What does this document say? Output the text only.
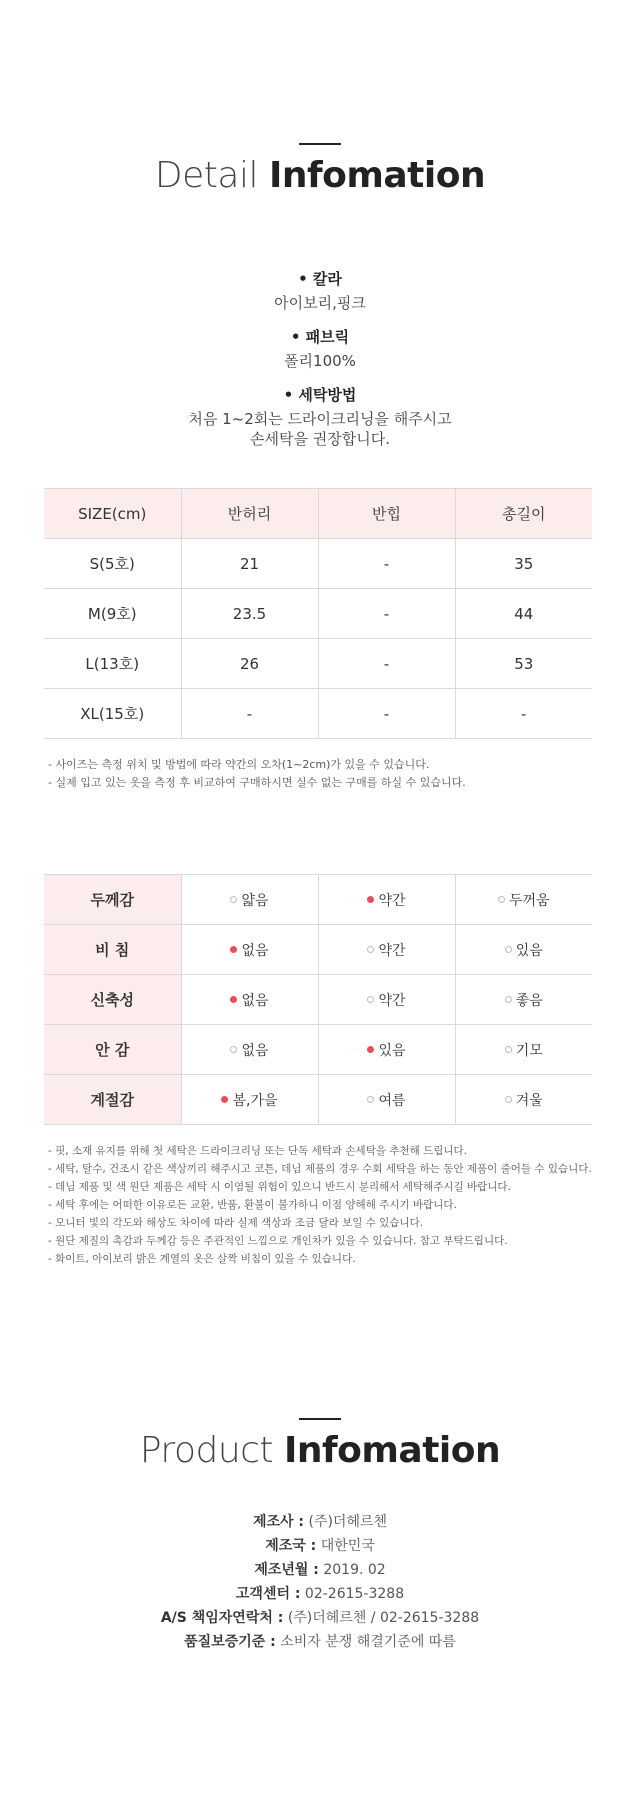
Detail Infomation
• 칼라
아이보리,핑크
• 패브릭
폴리100%
• 세탁방법
처음 1~2회는 드라이크리닝을 해주시고
손세탁을 권장합니다.
SIZE(cm)	반허리	반힙	총길이
S(5호)	21	-	35
M(9호)	23.5	-	44
L(13호)	26	-	53
XL(15호)	-	-	-
- 사이즈는 측정 위치 및 방법에 따라 약간의 오차(1~2cm)가 있을 수 있습니다.
- 실제 입고 있는 옷을 측정 후 비교하여 구매하시면 실수 없는 구매를 하실 수 있습니다.
두께감	얇음	약간	두꺼움

비 침	없음	약간	있음

신축성	없음	약간	좋음

안 감	없음	있음	기모

계절감	봄,가을	여름	겨울
- 핏, 소재 유지를 위해 첫 세탁은 드라이크리닝 또는 단독 세탁과 손세탁을 추천해 드립니다.
- 세탁, 탈수, 건조시 같은 색상끼리 해주시고 코튼, 데님 제품의 경우 수회 세탁을 하는 동안 제품이 줄어들 수 있습니다.
- 데님 제품 및 색 원단 제품은 세탁 시 이염될 위험이 있으니 반드시 분리해서 세탁해주시길 바랍니다.
- 세탁 후에는 어떠한 이유로든 교환, 반품, 환불이 불가하니 이점 양해해 주시기 바랍니다.
- 모니터 빛의 각도와 해상도 차이에 따라 실제 색상과 조금 달라 보일 수 있습니다.
- 원단 제질의 촉감과 두께감 등은 주관적인 느낌으로 개인차가 있을 수 있습니다. 참고 부탁드립니다.
- 화이트, 아이보리 밝은 계열의 옷은 살짝 비침이 있을 수 있습니다.
Product Infomation
제조사 : (주)더헤르첸
제조국 : 대한민국
제조년월 : 2019. 02
고객센터 : 02-2615-3288
A/S 책임자연락처 : (주)더헤르첸 / 02-2615-3288
품질보증기준 : 소비자 분쟁 해결기준에 따름
